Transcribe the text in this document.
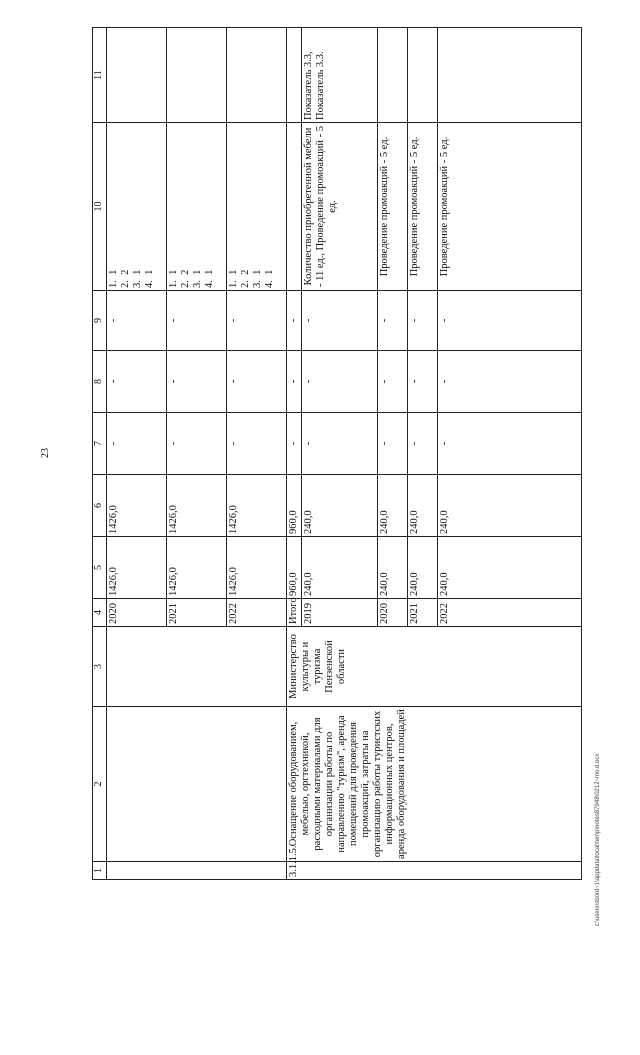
23
1	2	3	4	5	6	7	8	9	10	11
			2020	1426,0	1426,0	-	-	-	1.  1
2.  2
3.  1
4.  1	
			2021	1426,0	1426,0	-	-	-	1.  1
2.  2
3.  1
4.  1	
			2022	1426,0	1426,0	-	-	-	1.  1
2.  2
3.  1
4.  1	
3.1.1.5.	Оснащение оборудованием, мебелью, оргтехникой, расходными материалами для организации работы по направлению "туризм", аренда помещений для проведения промоакций, затраты на организацию работы туристских информационных центров, аренда оборудования и площадей	Министерство культуры и туризма Пензенской области	Итого	960,0	960,0	-	-	-		
			2019	240,0	240,0	-	-	-	Количество приобретенной мебели - 11 ед., Проведение промоакций - 5 ед.	Показатель 3.3, Показатель 3.3.
			2020	240,0	240,0	-	-	-	Проведение промоакций - 5 ед.	
			2021	240,0	240,0	-	-	-	Проведение промоакций - 5 ед.	
			2022	240,0	240,0	-	-	-	Проведение промоакций - 5 ед.	
c:\users\sbord~1\appdata\local\temp\notes87948\0212~mo.d.ocx
